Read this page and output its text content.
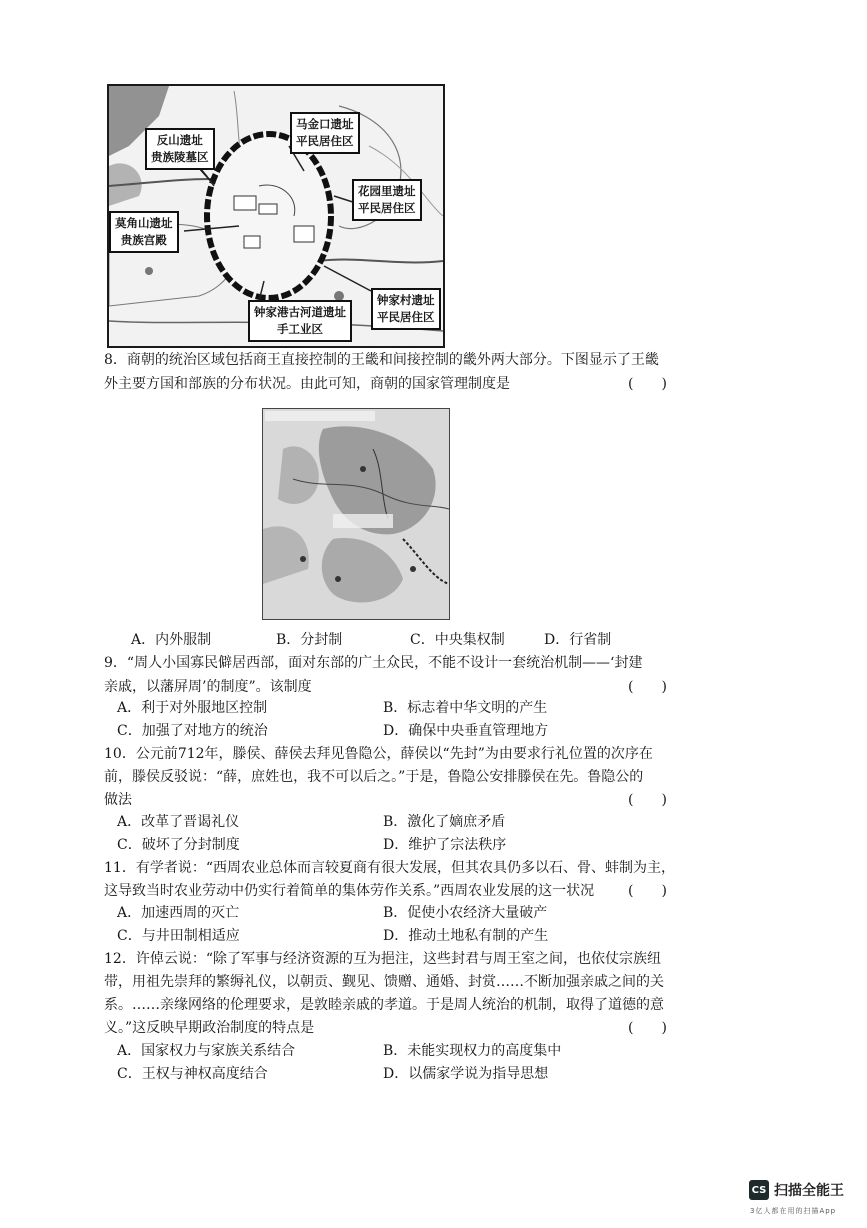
反山遗址
贵族陵墓区
马金口遗址
平民居住区
花园里遗址
平民居住区
莫角山遗址
贵族宫殿
钟家港古河道遗址
手工业区
钟家村遗址
平民居住区
8．商朝的统治区域包括商王直接控制的王畿和间接控制的畿外两大部分。下图显示了王畿
外主要方国和部族的分布状况。由此可知，商朝的国家管理制度是	(　　)
A．内外服制	B．分封制	C．中央集权制	D．行省制
9．“周人小国寡民僻居西部，面对东部的广土众民，不能不设计一套统治机制——‘封建
亲戚，以藩屏周’的制度”。该制度	(　　)
A．利于对外服地区控制	B．标志着中华文明的产生
C．加强了对地方的统治	D．确保中央垂直管理地方
10．公元前712年，滕侯、薛侯去拜见鲁隐公，薛侯以“先封”为由要求行礼位置的次序在
前，滕侯反驳说：“薛，庶姓也，我不可以后之。”于是，鲁隐公安排滕侯在先。鲁隐公的
做法	(　　)
A．改革了晋谒礼仪	B．激化了嫡庶矛盾
C．破坏了分封制度	D．维护了宗法秩序
11．有学者说：“西周农业总体而言较夏商有很大发展，但其农具仍多以石、骨、蚌制为主，
这导致当时农业劳动中仍实行着简单的集体劳作关系。”西周农业发展的这一状况 (　　)
A．加速西周的灭亡	B．促使小农经济大量破产
C．与井田制相适应	D．推动土地私有制的产生
12．许倬云说：“除了军事与经济资源的互为挹注，这些封君与周王室之间，也依仗宗族纽
带，用祖先崇拜的繁缛礼仪，以朝贡、觐见、馈赠、通婚、封赏……不断加强亲戚之间的关
系。……亲缘网络的伦理要求，是敦睦亲戚的孝道。于是周人统治的机制，取得了道德的意
义。”这反映早期政治制度的特点是	(　　)
A．国家权力与家族关系结合	B．未能实现权力的高度集中
C．王权与神权高度结合	D．以儒家学说为指导思想
CS 扫描全能王
3亿人都在用的扫描App
